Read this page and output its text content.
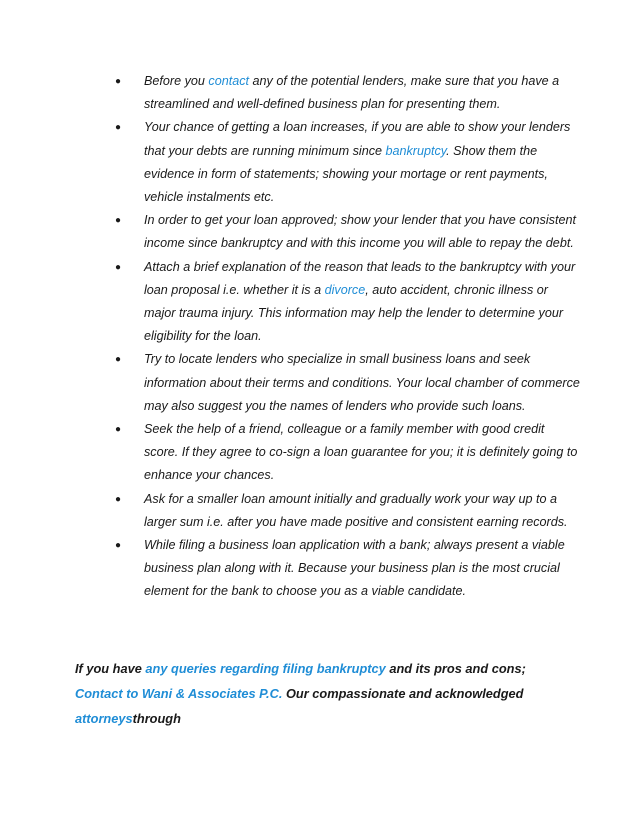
● Before you contact any of the potential lenders, make sure that you have a streamlined and well-defined business plan for presenting them.
● Your chance of getting a loan increases, if you are able to show your lenders that your debts are running minimum since bankruptcy. Show them the evidence in form of statements; showing your mortage or rent payments, vehicle instalments etc.
● In order to get your loan approved; show your lender that you have consistent income since bankruptcy and with this income you will able to repay the debt.
● Attach a brief explanation of the reason that leads to the bankruptcy with your loan proposal i.e. whether it is a divorce, auto accident, chronic illness or major trauma injury. This information may help the lender to determine your eligibility for the loan.
● Try to locate lenders who specialize in small business loans and seek information about their terms and conditions. Your local chamber of commerce may also suggest you the names of lenders who provide such loans.
● Seek the help of a friend, colleague or a family member with good credit score. If they agree to co-sign a loan guarantee for you; it is definitely going to enhance your chances.
● Ask for a smaller loan amount initially and gradually work your way up to a larger sum i.e. after you have made positive and consistent earning records.
● While filing a business loan application with a bank; always present a viable business plan along with it. Because your business plan is the most crucial element for the bank to choose you as a viable candidate.

If you have any queries regarding filing bankruptcy and its pros and cons; Contact to Wani & Associates P.C. Our compassionate and acknowledged attorneysthrough
